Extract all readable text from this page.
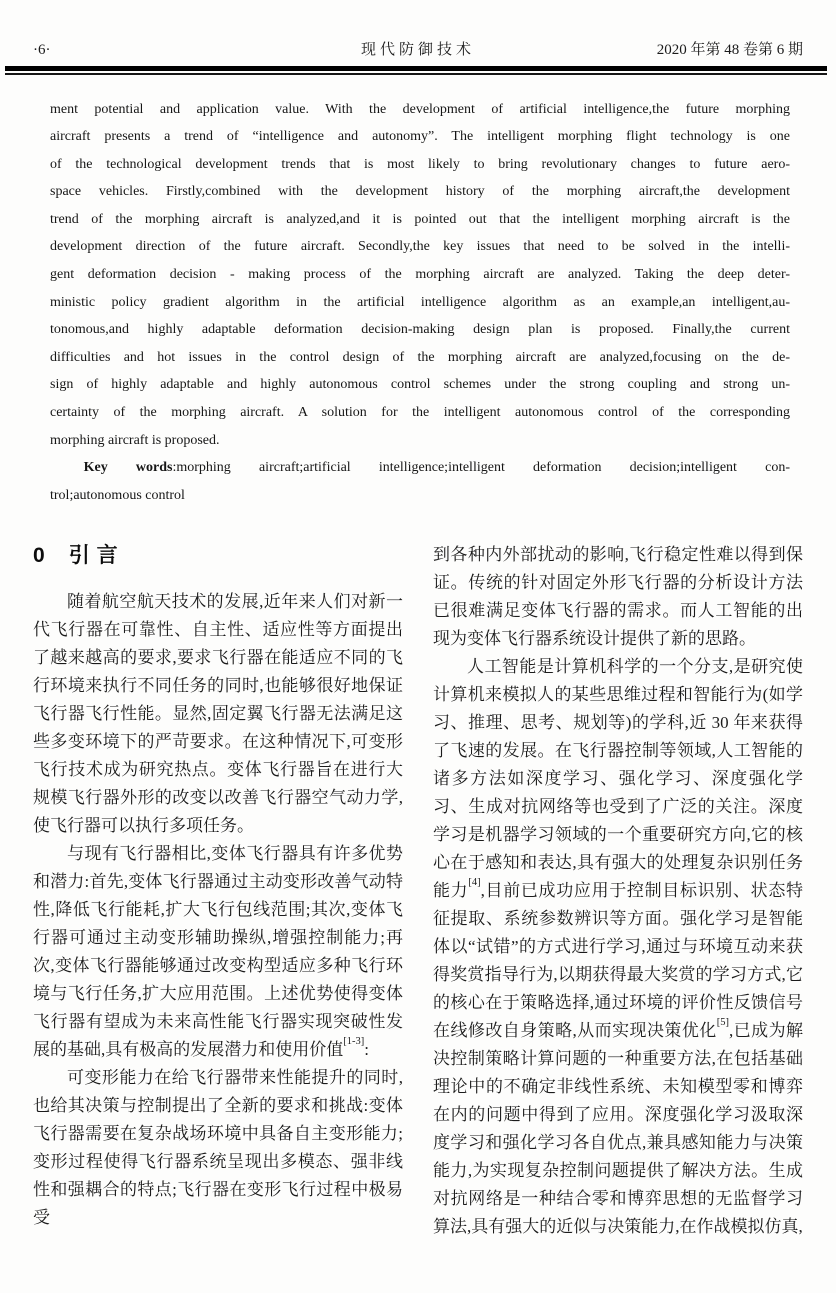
·6·	现代防御技术	2020 年第 48 卷第 6 期
ment potential and application value. With the development of artificial intelligence,the future morphing
aircraft presents a trend of “intelligence and autonomy”. The intelligent morphing flight technology is one
of the technological development trends that is most likely to bring revolutionary changes to future aero-
space vehicles. Firstly,combined with the development history of the morphing aircraft,the development
trend of the morphing aircraft is analyzed,and it is pointed out that the intelligent morphing aircraft is the
development direction of the future aircraft. Secondly,the key issues that need to be solved in the intelli-
gent deformation decision - making process of the morphing aircraft are analyzed. Taking the deep deter-
ministic policy gradient algorithm in the artificial intelligence algorithm as an example,an intelligent,au-
tonomous,and highly adaptable deformation decision-making design plan is proposed. Finally,the current
difficulties and hot issues in the control design of the morphing aircraft are analyzed,focusing on the de-
sign of highly adaptable and highly autonomous control schemes under the strong coupling and strong un-
certainty of the morphing aircraft. A solution for the intelligent autonomous control of the corresponding
morphing aircraft is proposed.
Key words:morphing aircraft;artificial intelligence;intelligent deformation decision;intelligent con-
trol;autonomous control
0 引言

随着航空航天技术的发展,近年来人们对新一代飞行器在可靠性、自主性、适应性等方面提出了越来越高的要求,要求飞行器在能适应不同的飞行环境来执行不同任务的同时,也能够很好地保证飞行器飞行性能。显然,固定翼飞行器无法满足这些多变环境下的严苛要求。在这种情况下,可变形飞行技术成为研究热点。变体飞行器旨在进行大规模飞行器外形的改变以改善飞行器空气动力学,使飞行器可以执行多项任务。

与现有飞行器相比,变体飞行器具有许多优势和潜力:首先,变体飞行器通过主动变形改善气动特性,降低飞行能耗,扩大飞行包线范围;其次,变体飞行器可通过主动变形辅助操纵,增强控制能力;再次,变体飞行器能够通过改变构型适应多种飞行环境与飞行任务,扩大应用范围。上述优势使得变体飞行器有望成为未来高性能飞行器实现突破性发展的基础,具有极高的发展潜力和使用价值[1-3]:

可变形能力在给飞行器带来性能提升的同时,也给其决策与控制提出了全新的要求和挑战:变体飞行器需要在复杂战场环境中具备自主变形能力;变形过程使得飞行器系统呈现出多模态、强非线性和强耦合的特点;飞行器在变形飞行过程中极易受

到各种内外部扰动的影响,飞行稳定性难以得到保证。传统的针对固定外形飞行器的分析设计方法已很难满足变体飞行器的需求。而人工智能的出现为变体飞行器系统设计提供了新的思路。

人工智能是计算机科学的一个分支,是研究使计算机来模拟人的某些思维过程和智能行为(如学习、推理、思考、规划等)的学科,近 30 年来获得了飞速的发展。在飞行器控制等领域,人工智能的诸多方法如深度学习、强化学习、深度强化学习、生成对抗网络等也受到了广泛的关注。深度学习是机器学习领域的一个重要研究方向,它的核心在于感知和表达,具有强大的处理复杂识别任务能力[4],目前已成功应用于控制目标识别、状态特征提取、系统参数辨识等方面。强化学习是智能体以“试错”的方式进行学习,通过与环境互动来获得奖赏指导行为,以期获得最大奖赏的学习方式,它的核心在于策略选择,通过环境的评价性反馈信号在线修改自身策略,从而实现决策优化[5],已成为解决控制策略计算问题的一种重要方法,在包括基础理论中的不确定非线性系统、未知模型零和博弈在内的问题中得到了应用。深度强化学习汲取深度学习和强化学习各自优点,兼具感知能力与决策能力,为实现复杂控制问题提供了解决方法。生成对抗网络是一种结合零和博弈思想的无监督学习算法,具有强大的近似与决策能力,在作战模拟仿真,
